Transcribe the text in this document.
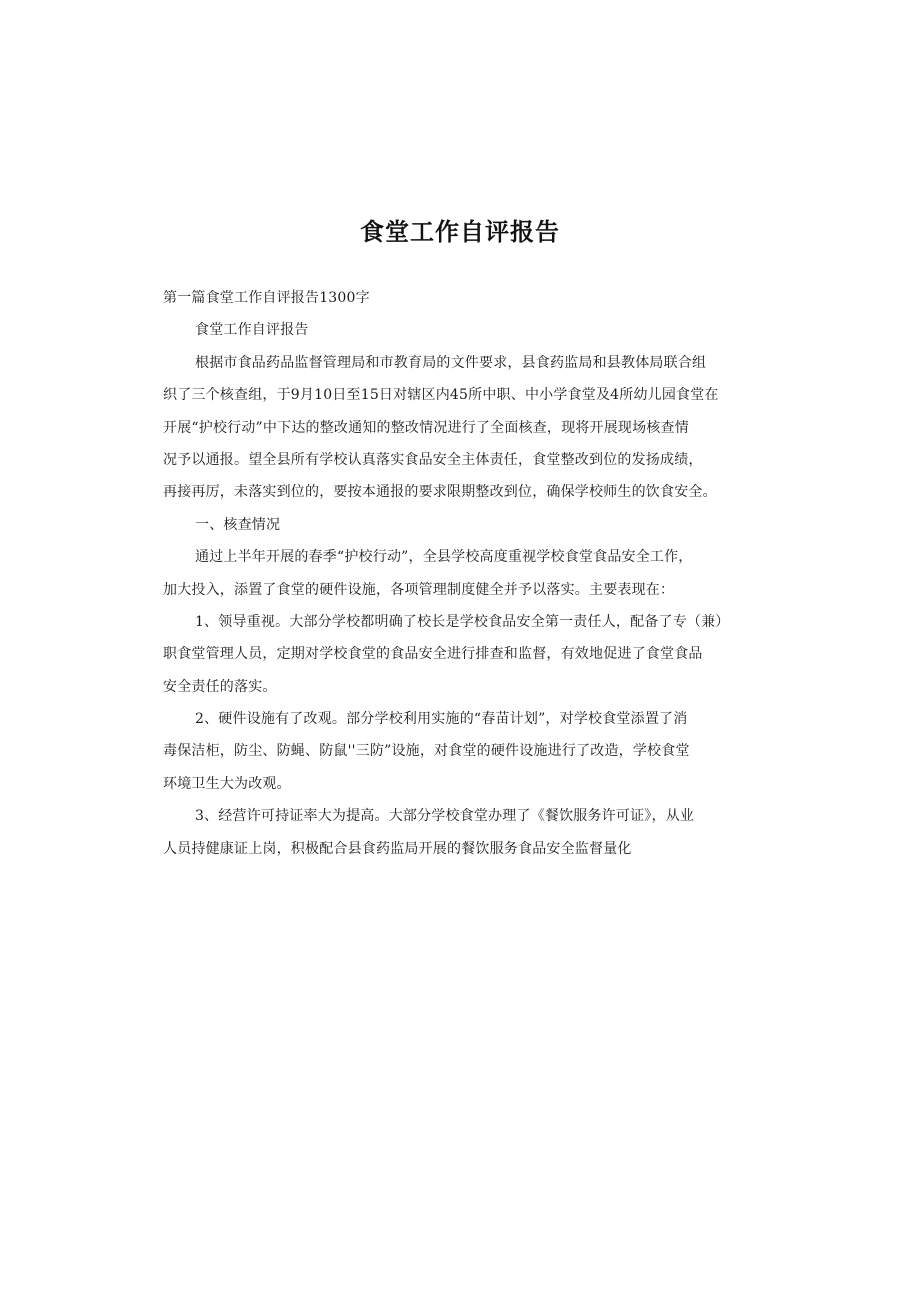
食堂工作自评报告
第一篇食堂工作自评报告1300字
食堂工作自评报告
根据市食品药品监督管理局和市教育局的文件要求，县食药监局和县教体局联合组
织了三个核查组，于9月10日至15日对辖区内45所中职、中小学食堂及4所幼儿园食堂在
开展“护校行动”中下达的整改通知的整改情况进行了全面核查，现将开展现场核查情
况予以通报。望全县所有学校认真落实食品安全主体责任，食堂整改到位的发扬成绩，
再接再厉，未落实到位的，要按本通报的要求限期整改到位，确保学校师生的饮食安全。
一、核查情况
通过上半年开展的春季“护校行动”，全县学校高度重视学校食堂食品安全工作，
加大投入，添置了食堂的硬件设施，各项管理制度健全并予以落实。主要表现在：
1、领导重视。大部分学校都明确了校长是学校食品安全第一责任人，配备了专（兼）
职食堂管理人员，定期对学校食堂的食品安全进行排查和监督，有效地促进了食堂食品
安全责任的落实。
2、硬件设施有了改观。部分学校利用实施的“春苗计划”，对学校食堂添置了消
毒保洁柜，防尘、防蝇、防鼠''三防”设施，对食堂的硬件设施进行了改造，学校食堂
环境卫生大为改观。
3、经营许可持证率大为提高。大部分学校食堂办理了《餐饮服务许可证》，从业
人员持健康证上岗，积极配合县食药监局开展的餐饮服务食品安全监督量化
